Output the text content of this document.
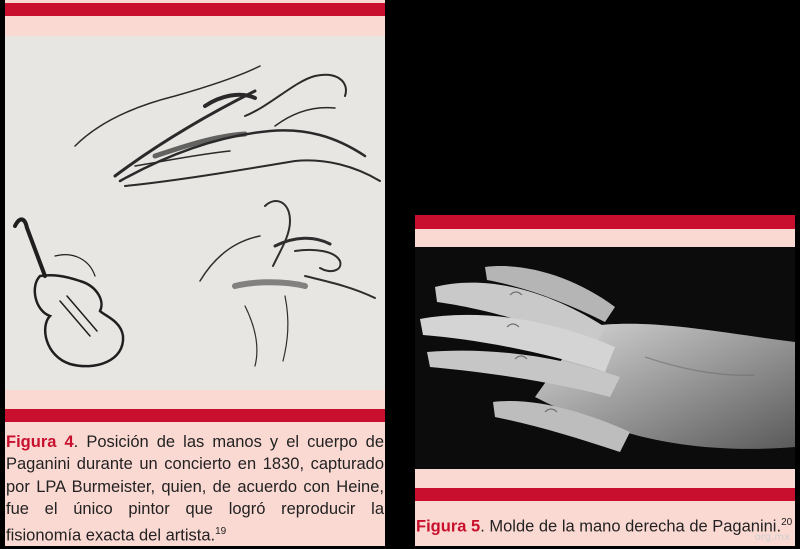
Figura 4. Posición de las manos y el cuerpo de Paganini durante un concierto en 1830, capturado por LPA Burmeister, quien, de acuerdo con Heine, fue el único pintor que logró reproducir la fisionomía exacta del artista.$^{19}$	Figura 5. Molde de la mano derecha de Paganini.$^{20}$
org.mx
